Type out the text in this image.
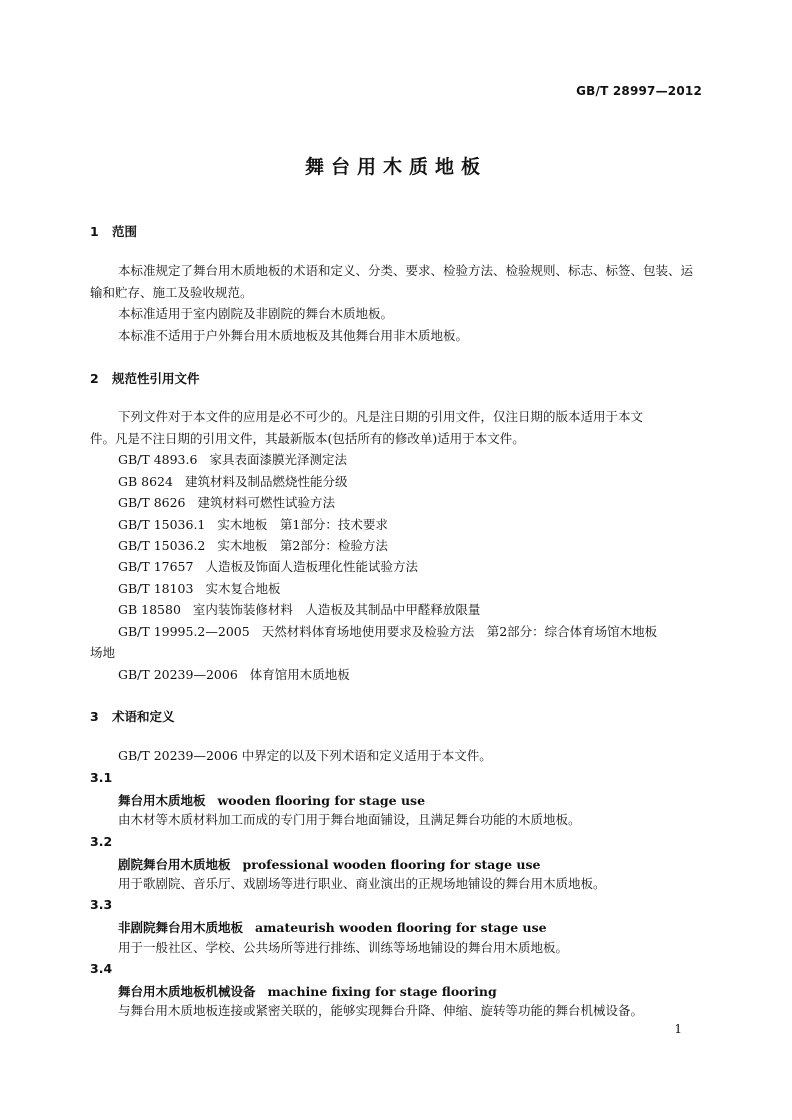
GB/T 28997—2012
舞台用木质地板
1 范围
本标准规定了舞台用木质地板的术语和定义、分类、要求、检验方法、检验规则、标志、标签、包装、运
输和贮存、施工及验收规范。
本标准适用于室内剧院及非剧院的舞台木质地板。
本标准不适用于户外舞台用木质地板及其他舞台用非木质地板。
2 规范性引用文件
下列文件对于本文件的应用是必不可少的。凡是注日期的引用文件，仅注日期的版本适用于本文
件。凡是不注日期的引用文件，其最新版本(包括所有的修改单)适用于本文件。
GB/T 4893.6 家具表面漆膜光泽测定法
GB 8624 建筑材料及制品燃烧性能分级
GB/T 8626 建筑材料可燃性试验方法
GB/T 15036.1 实木地板　第1部分：技术要求
GB/T 15036.2 实木地板　第2部分：检验方法
GB/T 17657 人造板及饰面人造板理化性能试验方法
GB/T 18103 实木复合地板
GB 18580 室内装饰装修材料　人造板及其制品中甲醛释放限量
GB/T 19995.2—2005 天然材料体育场地使用要求及检验方法　第2部分：综合体育场馆木地板
场地
GB/T 20239—2006 体育馆用木质地板
3 术语和定义
GB/T 20239—2006 中界定的以及下列术语和定义适用于本文件。
3.1
舞台用木质地板 wooden flooring for stage use
由木材等木质材料加工而成的专门用于舞台地面铺设，且满足舞台功能的木质地板。
3.2
剧院舞台用木质地板 professional wooden flooring for stage use
用于歌剧院、音乐厅、戏剧场等进行职业、商业演出的正规场地铺设的舞台用木质地板。
3.3
非剧院舞台用木质地板 amateurish wooden flooring for stage use
用于一般社区、学校、公共场所等进行排练、训练等场地铺设的舞台用木质地板。
3.4
舞台用木质地板机械设备 machine fixing for stage flooring
与舞台用木质地板连接或紧密关联的，能够实现舞台升降、伸缩、旋转等功能的舞台机械设备。
1
